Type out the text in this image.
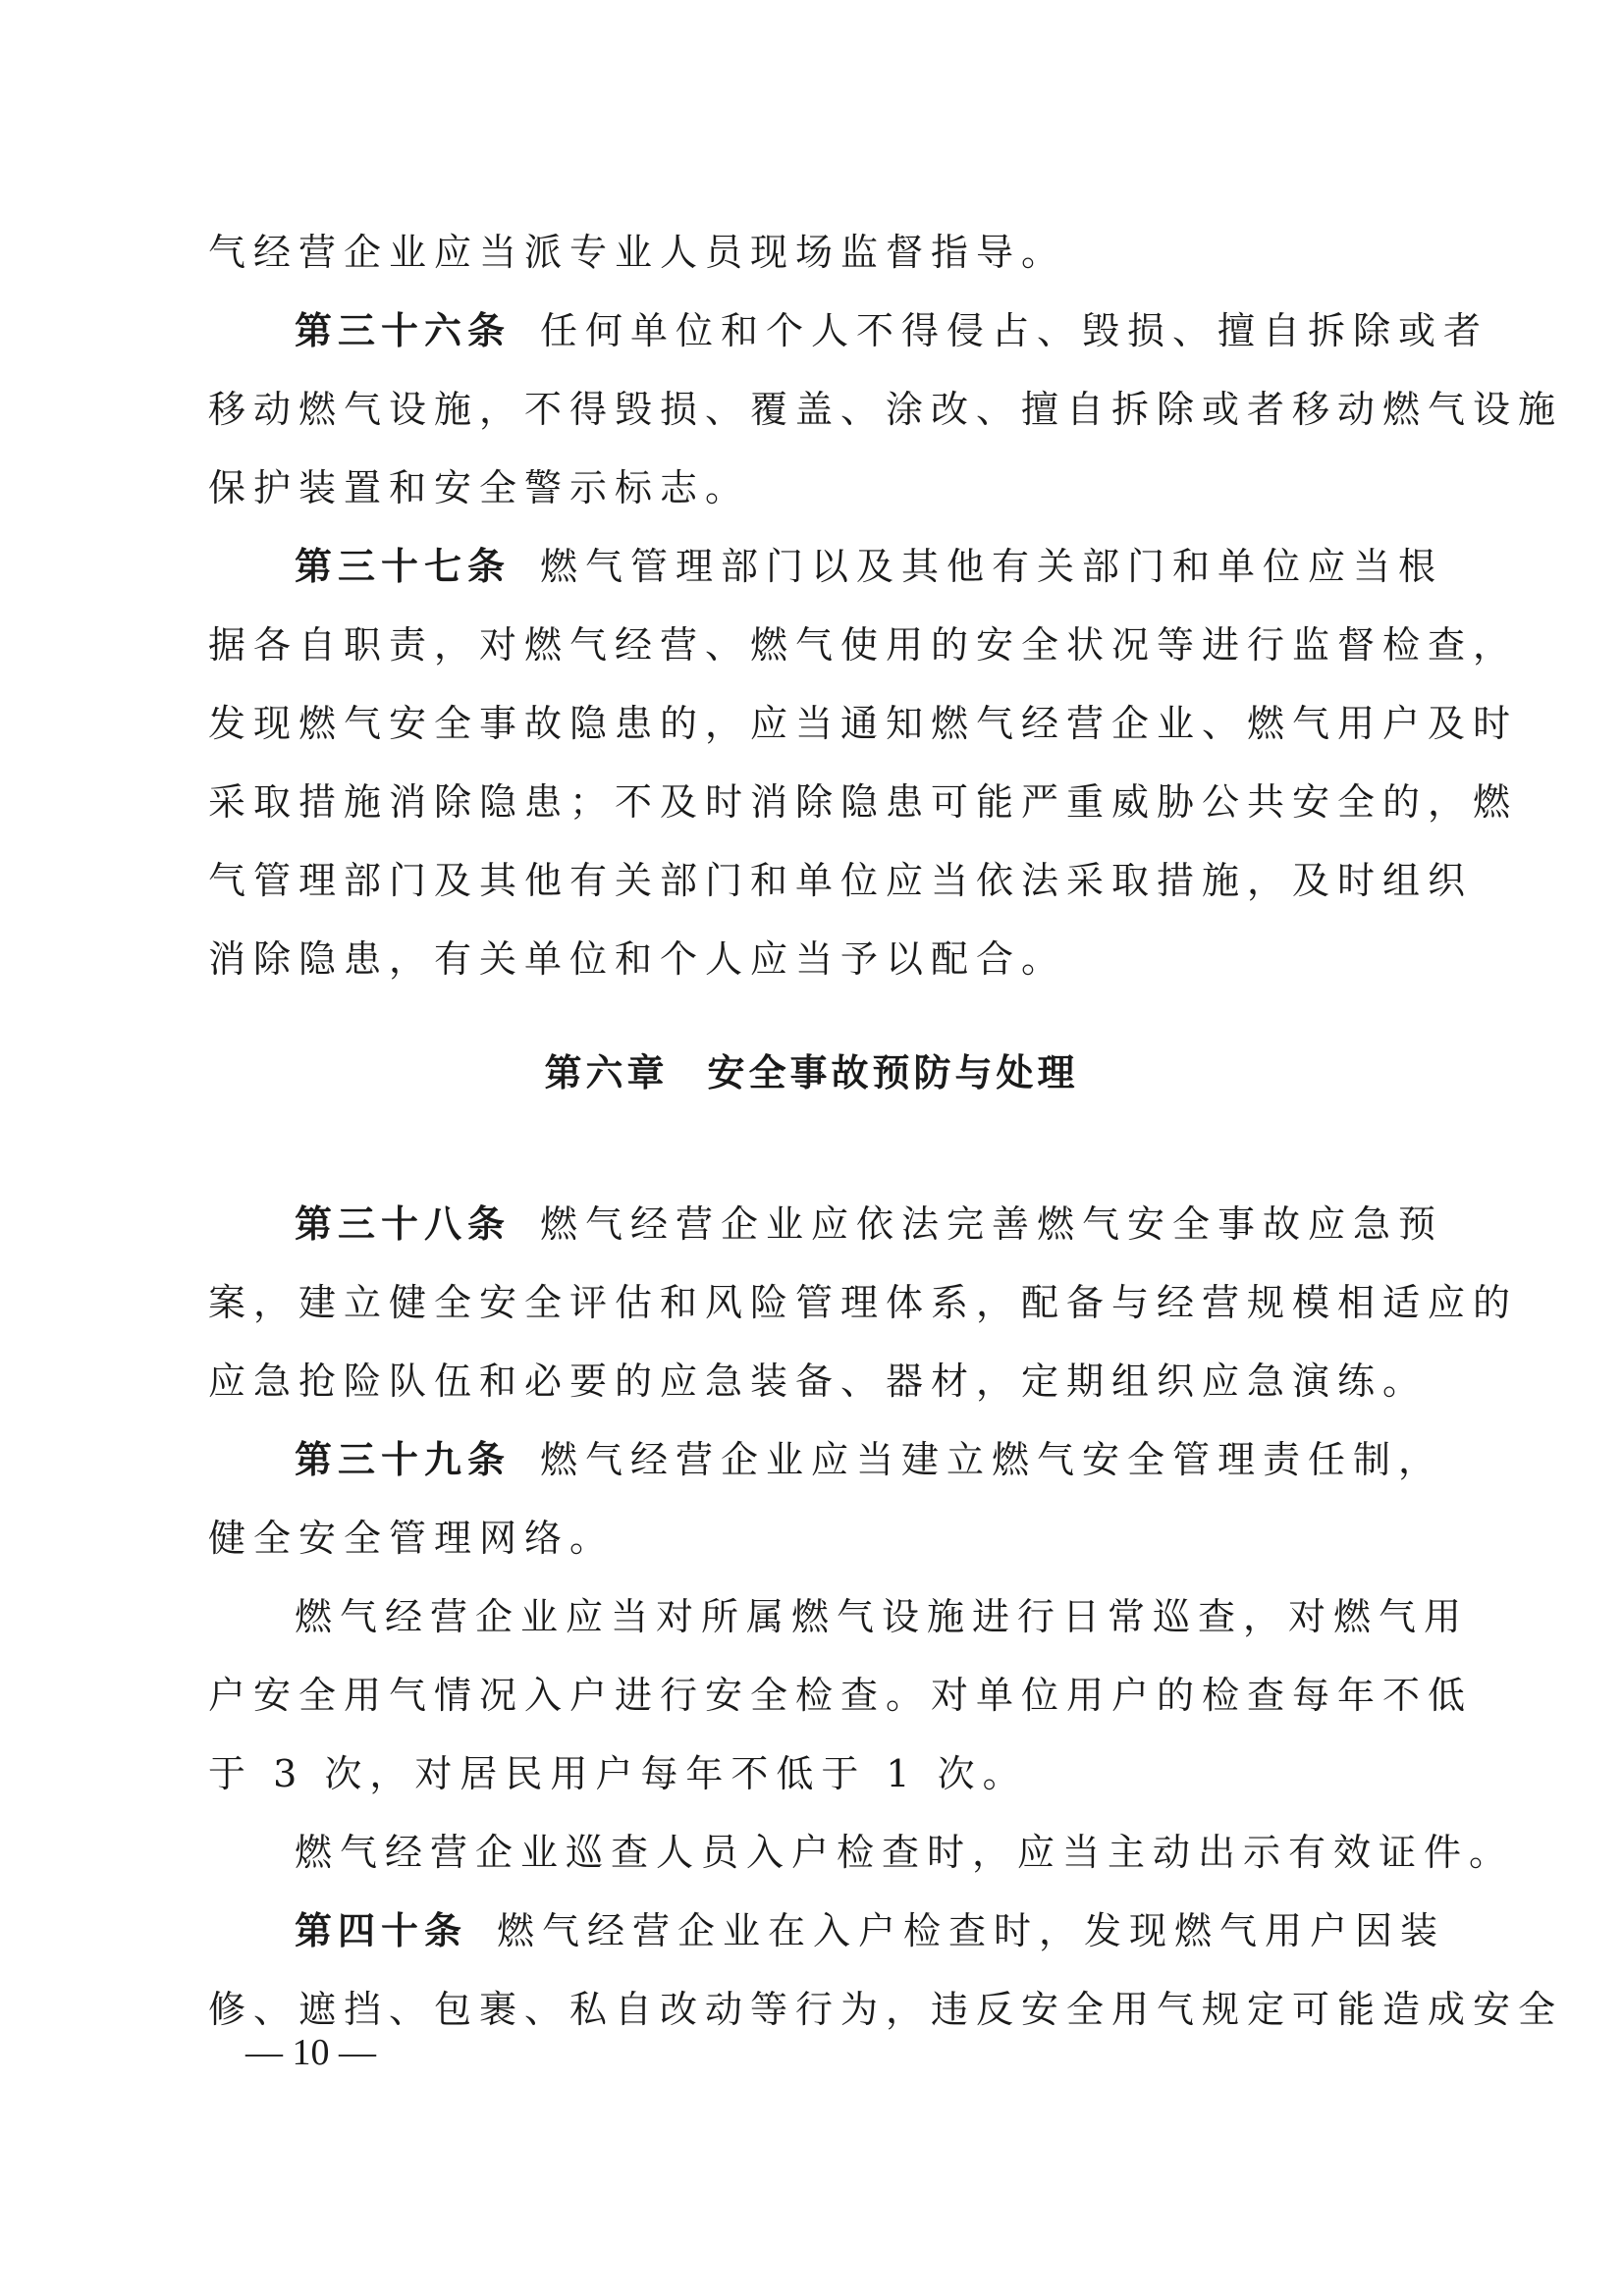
气经营企业应当派专业人员现场监督指导。
第三十六条 任何单位和个人不得侵占、毁损、擅自拆除或者
移动燃气设施，不得毁损、覆盖、涂改、擅自拆除或者移动燃气设施
保护装置和安全警示标志。
第三十七条 燃气管理部门以及其他有关部门和单位应当根
据各自职责，对燃气经营、燃气使用的安全状况等进行监督检查，
发现燃气安全事故隐患的，应当通知燃气经营企业、燃气用户及时
采取措施消除隐患；不及时消除隐患可能严重威胁公共安全的，燃
气管理部门及其他有关部门和单位应当依法采取措施，及时组织
消除隐患，有关单位和个人应当予以配合。
第六章 安全事故预防与处理
第三十八条 燃气经营企业应依法完善燃气安全事故应急预
案，建立健全安全评估和风险管理体系，配备与经营规模相适应的
应急抢险队伍和必要的应急装备、器材，定期组织应急演练。
第三十九条 燃气经营企业应当建立燃气安全管理责任制，
健全安全管理网络。
燃气经营企业应当对所属燃气设施进行日常巡查，对燃气用
户安全用气情况入户进行安全检查。对单位用户的检查每年不低
于 3 次，对居民用户每年不低于 1 次。
燃气经营企业巡查人员入户检查时，应当主动出示有效证件。
第四十条 燃气经营企业在入户检查时，发现燃气用户因装
修、遮挡、包裹、私自改动等行为，违反安全用气规定可能造成安全
— 10 —
